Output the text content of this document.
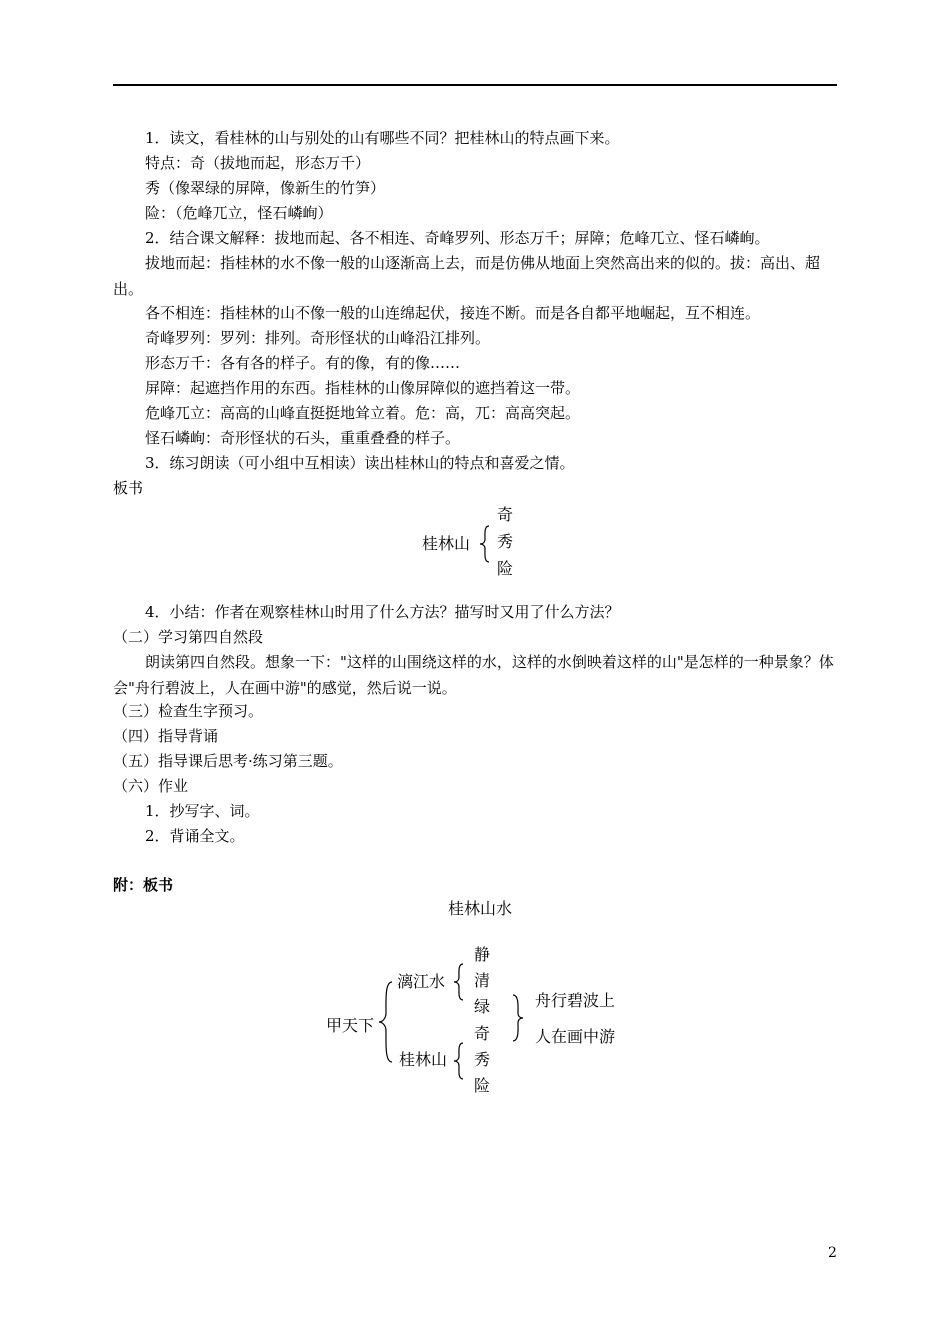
1．读文，看桂林的山与别处的山有哪些不同？把桂林山的特点画下来。
特点：奇（拔地而起，形态万千）
秀（像翠绿的屏障，像新生的竹笋）
险：（危峰兀立，怪石嶙峋）
2．结合课文解释：拔地而起、各不相连、奇峰罗列、形态万千；屏障；危峰兀立、怪石嶙峋。
拔地而起：指桂林的水不像一般的山逐渐高上去，而是仿佛从地面上突然高出来的似的。拔：高出、超出。
各不相连：指桂林的山不像一般的山连绵起伏，接连不断。而是各自都平地崛起，互不相连。
奇峰罗列：罗列：排列。奇形怪状的山峰沿江排列。
形态万千：各有各的样子。有的像，有的像……
屏障：起遮挡作用的东西。指桂林的山像屏障似的遮挡着这一带。
危峰兀立：高高的山峰直挺挺地耸立着。危：高，兀：高高突起。
怪石嶙峋：奇形怪状的石头，重重叠叠的样子。
3．练习朗读（可小组中互相读）读出桂林山的特点和喜爱之情。
板书
桂林山
奇
秀
险
4．小结：作者在观察桂林山时用了什么方法？描写时又用了什么方法？
（二）学习第四自然段
朗读第四自然段。想象一下："这样的山围绕这样的水，这样的水倒映着这样的山"是怎样的一种景象？体会"舟行碧波上，人在画中游"的感觉，然后说一说。
（三）检查生字预习。
（四）指导背诵
（五）指导课后思考·练习第三题。
（六）作业
1．抄写字、词。
2．背诵全文。
附：板书
桂林山水
甲天下
漓江水
静
清
绿
桂林山
奇
秀
险
舟行碧波上
人在画中游
2
